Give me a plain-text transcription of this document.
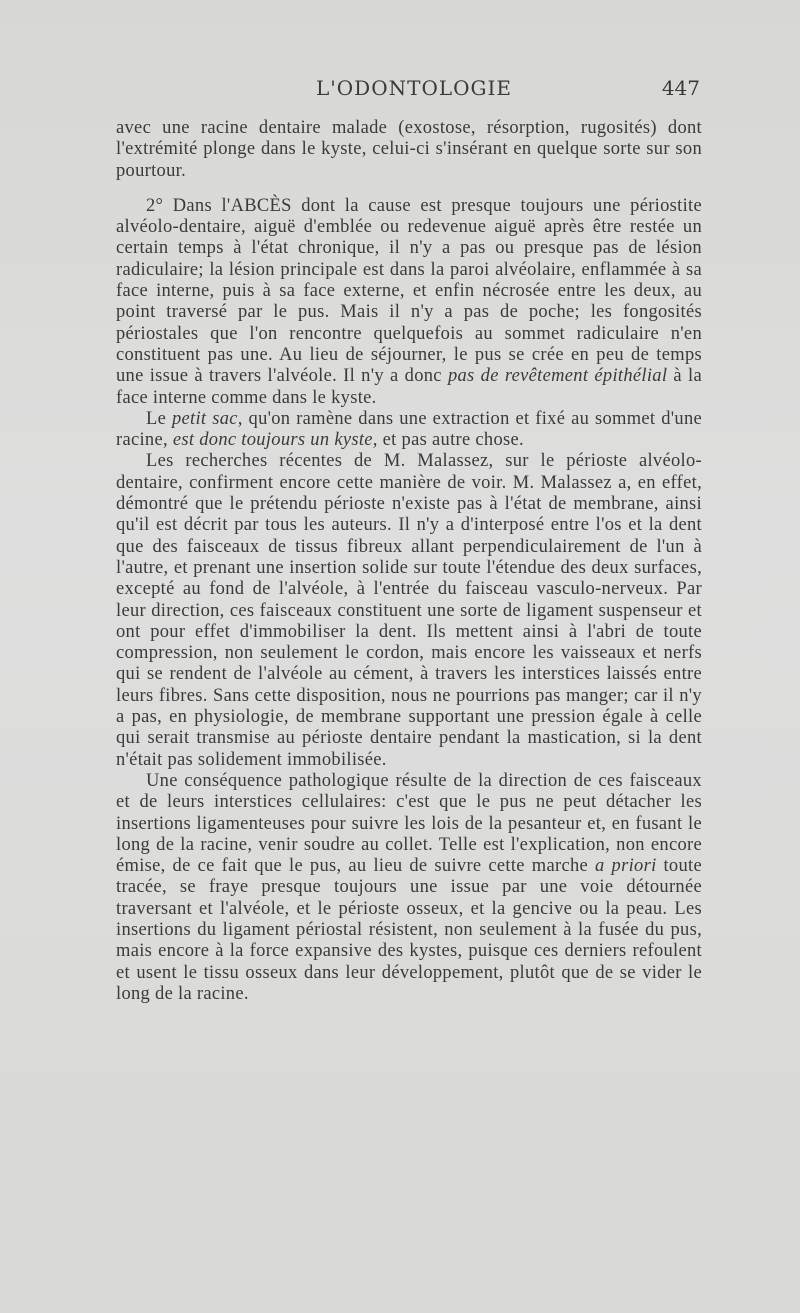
L'ODONTOLOGIE	447

avec une racine dentaire malade (exostose, résorption, rugosités) dont l'extrémité plonge dans le kyste, celui-ci s'insérant en quelque sorte sur son pourtour.

2° Dans l'ABCÈS dont la cause est presque toujours une périostite alvéolo-dentaire, aiguë d'emblée ou redevenue aiguë après être restée un certain temps à l'état chronique, il n'y a pas ou presque pas de lésion radiculaire; la lésion principale est dans la paroi alvéolaire, enflammée à sa face interne, puis à sa face externe, et enfin nécrosée entre les deux, au point traversé par le pus. Mais il n'y a pas de poche; les fongosités périostales que l'on rencontre quelquefois au sommet radiculaire n'en constituent pas une. Au lieu de séjourner, le pus se crée en peu de temps une issue à travers l'alvéole. Il n'y a donc pas de revêtement épithélial à la face interne comme dans le kyste.

Le petit sac, qu'on ramène dans une extraction et fixé au sommet d'une racine, est donc toujours un kyste, et pas autre chose.

Les recherches récentes de M. Malassez, sur le périoste alvéolo-dentaire, confirment encore cette manière de voir. M. Malassez a, en effet, démontré que le prétendu périoste n'existe pas à l'état de membrane, ainsi qu'il est décrit par tous les auteurs. Il n'y a d'interposé entre l'os et la dent que des faisceaux de tissus fibreux allant perpendiculairement de l'un à l'autre, et prenant une insertion solide sur toute l'étendue des deux surfaces, excepté au fond de l'alvéole, à l'entrée du faisceau vasculo-nerveux. Par leur direction, ces faisceaux constituent une sorte de ligament suspenseur et ont pour effet d'immobiliser la dent. Ils mettent ainsi à l'abri de toute compression, non seulement le cordon, mais encore les vaisseaux et nerfs qui se rendent de l'alvéole au cément, à travers les interstices laissés entre leurs fibres. Sans cette disposition, nous ne pourrions pas manger; car il n'y a pas, en physiologie, de membrane supportant une pression égale à celle qui serait transmise au périoste dentaire pendant la mastication, si la dent n'était pas solidement immobilisée.

Une conséquence pathologique résulte de la direction de ces faisceaux et de leurs interstices cellulaires: c'est que le pus ne peut détacher les insertions ligamenteuses pour suivre les lois de la pesanteur et, en fusant le long de la racine, venir soudre au collet. Telle est l'explication, non encore émise, de ce fait que le pus, au lieu de suivre cette marche a priori toute tracée, se fraye presque toujours une issue par une voie détournée traversant et l'alvéole, et le périoste osseux, et la gencive ou la peau. Les insertions du ligament périostal résistent, non seulement à la fusée du pus, mais encore à la force expansive des kystes, puisque ces derniers refoulent et usent le tissu osseux dans leur développement, plutôt que de se vider le long de la racine.
